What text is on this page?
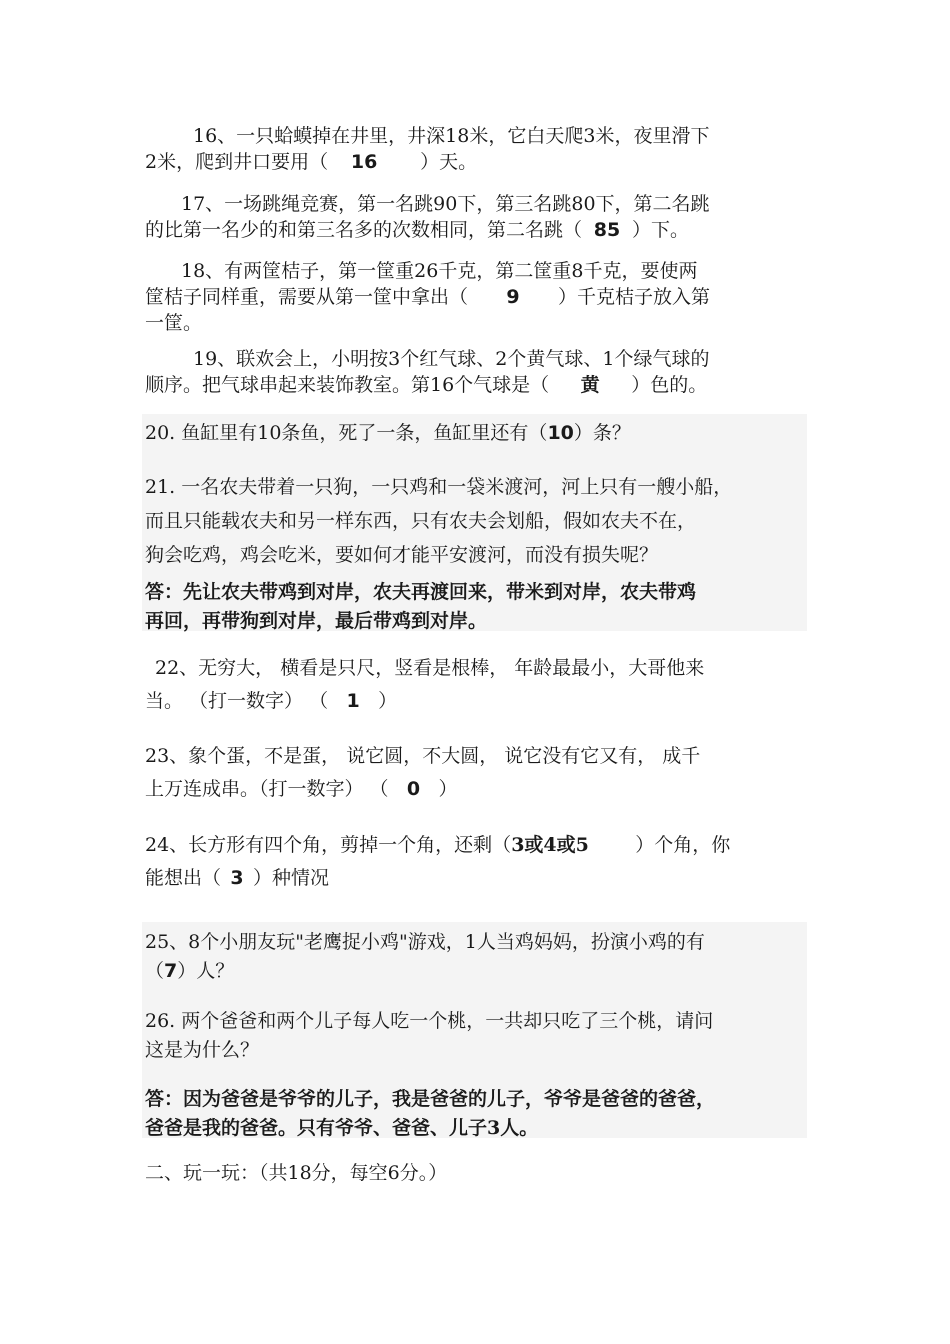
16、一只蛤蟆掉在井里，井深18米，它白天爬3米，夜里滑下
2米，爬到井口要用（ 16 ）天。
17、一场跳绳竞赛，第一名跳90下，第三名跳80下，第二名跳
的比第一名少的和第三名多的次数相同，第二名跳（ 85 ）下。
18、有两筐桔子，第一筐重26千克，第二筐重8千克，要使两
筐桔子同样重，需要从第一筐中拿出（ 9 ）千克桔子放入第
一筐。
19、联欢会上，小明按3个红气球、2个黄气球、1个绿气球的
顺序。把气球串起来装饰教室。第16个气球是（ 黄 ）色的。
20. 鱼缸里有10条鱼，死了一条，鱼缸里还有（10）条？
21. 一名农夫带着一只狗，一只鸡和一袋米渡河，河上只有一艘小船，
而且只能载农夫和另一样东西，只有农夫会划船，假如农夫不在，
狗会吃鸡，鸡会吃米，要如何才能平安渡河，而没有损失呢？
答：先让农夫带鸡到对岸，农夫再渡回来，带米到对岸，农夫带鸡
再回，再带狗到对岸，最后带鸡到对岸。
22、无穷大， 横看是只尺，竖看是根棒， 年龄最最小，大哥他来
当。 （打一数字） （ 1 ）
23、象个蛋，不是蛋， 说它圆，不大圆， 说它没有它又有， 成千
上万连成串。（打一数字） （ 0 ）
24、长方形有四个角，剪掉一个角，还剩（3或4或5 ）个角，你
能想出（ 3 ）种情况
25、8个小朋友玩"老鹰捉小鸡"游戏，1人当鸡妈妈，扮演小鸡的有
（7）人？
26. 两个爸爸和两个儿子每人吃一个桃，一共却只吃了三个桃，请问
这是为什么？
答：因为爸爸是爷爷的儿子，我是爸爸的儿子，爷爷是爸爸的爸爸，
爸爸是我的爸爸。只有爷爷、爸爸、儿子3人。
二、玩一玩：（共18分，每空6分。）
